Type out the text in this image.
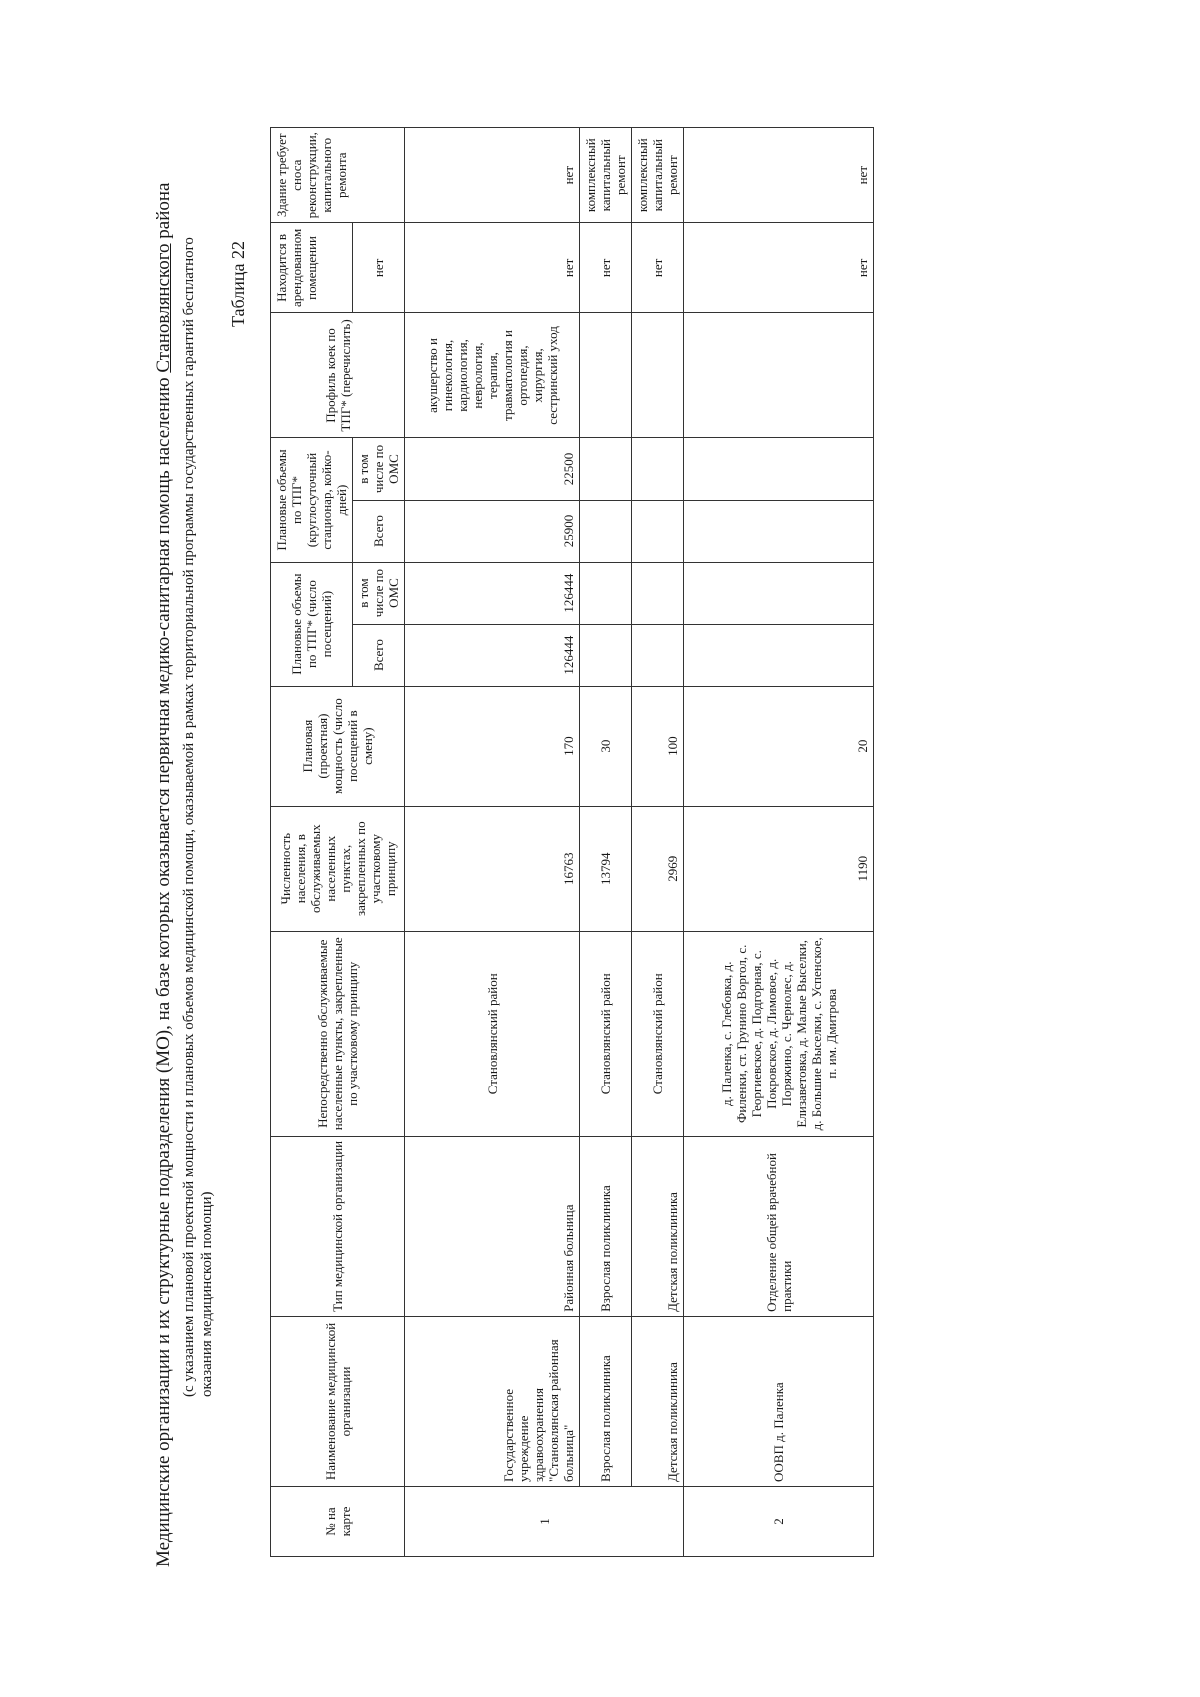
Медицинские организации и их структурные подразделения (МО), на базе которых оказывается первичная медико-санитарная помощь населению Становлянского района
(с указанием плановой проектной мощности и плановых объемов медицинской помощи, оказываемой в рамках территориальной программы государственных гарантий бесплатного оказания медицинской помощи)
Таблица 22
№ на карте	Наименование медицинской организации	Тип медицинской организации	Непосредственно обслуживаемые населенные пункты, закрепленные по участковому принципу	Численность населения, в обслуживаемых населенных пунктах, закрепленных по участковому принципу	Плановая (проектная) мощность (число посещений в смену)	Плановые объемы по ТПГ* (число посещений)		Плановые объемы по ТПГ* (круглосуточный стационар, койко-дней)		Профиль коек по ТПГ* (перечислить)	Находится в арендованном помещении	Здание требует сноса реконструкции, капитального ремонта
						Всего	в том числе по ОМС	Всего	в том числе по ОМС		нет	
1	Государственное учреждение здравоохранения "Становлянская районная больница"	Районная больница	Становлянский район	16763	170	126444	126444	25900	22500	акушерство и гинекология, кардиология, неврология, терапия, травматология и ортопедия, хирургия, сестринский уход	нет	нет
	Взрослая поликлиника	Взрослая поликлиника	Становлянский район	13794	30						нет	комплексный капитальный ремонт
	Детская поликлиника	Детская поликлиника	Становлянский район	2969	100						нет	комплексный капитальный ремонт
2	ООВП д. Паленка	Отделение общей врачебной практики	д. Паленка, с. Глебовка, д. Филенки, ст. Грунино Воргол, с. Георгиевское, д. Подгорная, с. Покровское, д. Лимовое, д. Поряжино, с. Чернолес, д. Елизаветовка, д. Малые Выселки, д. Большие Выселки, с. Успенское, п. им. Дмитрова	1190	20						нет	нет
